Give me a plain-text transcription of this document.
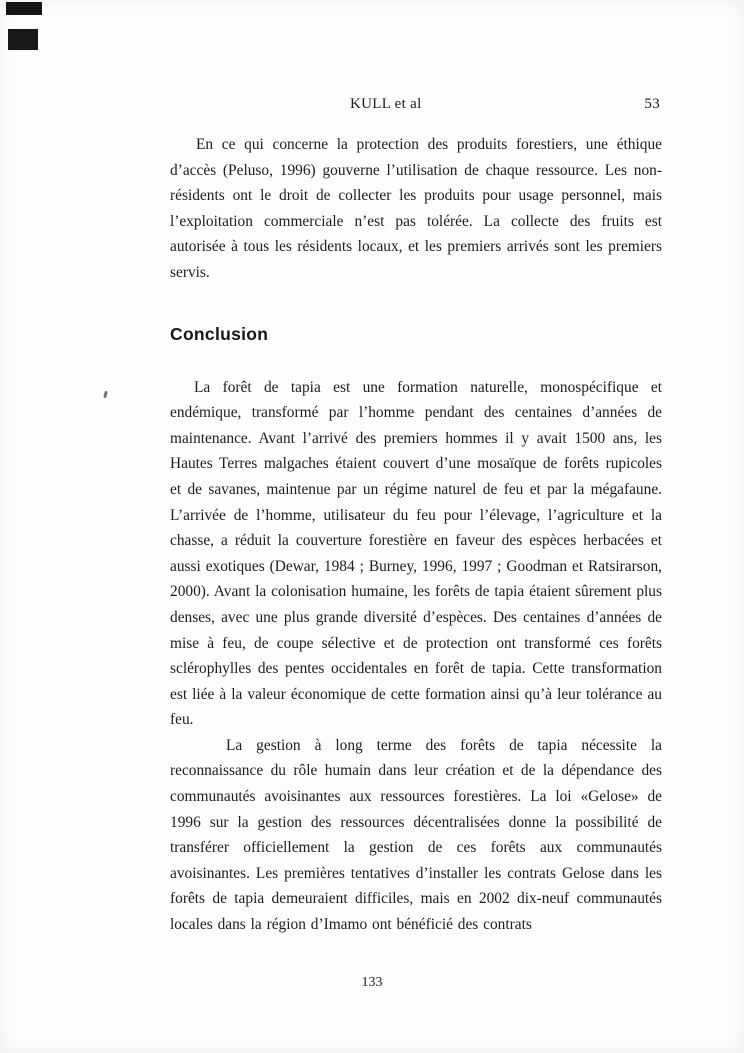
KULL et al	53

En ce qui concerne la protection des produits forestiers, une éthique d’accès (Peluso, 1996) gouverne l’utilisation de chaque ressource. Les non-résidents ont le droit de collecter les produits pour usage personnel, mais l’exploitation commerciale n’est pas tolérée. La collecte des fruits est autorisée à tous les résidents locaux, et les premiers arrivés sont les premiers servis.

Conclusion

La forêt de tapia est une formation naturelle, monospécifique et endémique, transformé par l’homme pendant des centaines d’années de maintenance. Avant l’arrivé des premiers hommes il y avait 1500 ans, les Hautes Terres malgaches étaient couvert d’une mosaïque de forêts rupicoles et de savanes, maintenue par un régime naturel de feu et par la mégafaune. L’arrivée de l’homme, utilisateur du feu pour l’élevage, l’agriculture et la chasse, a réduit la couverture forestière en faveur des espèces herbacées et aussi exotiques (Dewar, 1984 ; Burney, 1996, 1997 ; Goodman et Ratsirarson, 2000). Avant la colonisation humaine, les forêts de tapia étaient sûrement plus denses, avec une plus grande diversité d’espèces. Des centaines d’années de mise à feu, de coupe sélective et de protection ont transformé ces forêts sclérophylles des pentes occidentales en forêt de tapia. Cette transformation est liée à la valeur économique de cette formation ainsi qu’à leur tolérance au feu.

La gestion à long terme des forêts de tapia nécessite la reconnaissance du rôle humain dans leur création et de la dépendance des communautés avoisinantes aux ressources forestières. La loi «Gelose» de 1996 sur la gestion des ressources décentralisées donne la possibilité de transférer officiellement la gestion de ces forêts aux communautés avoisinantes. Les premières tentatives d’installer les contrats Gelose dans les forêts de tapia demeuraient difficiles, mais en 2002 dix-neuf communautés locales dans la région d’Imamo ont bénéficié des contrats

133
